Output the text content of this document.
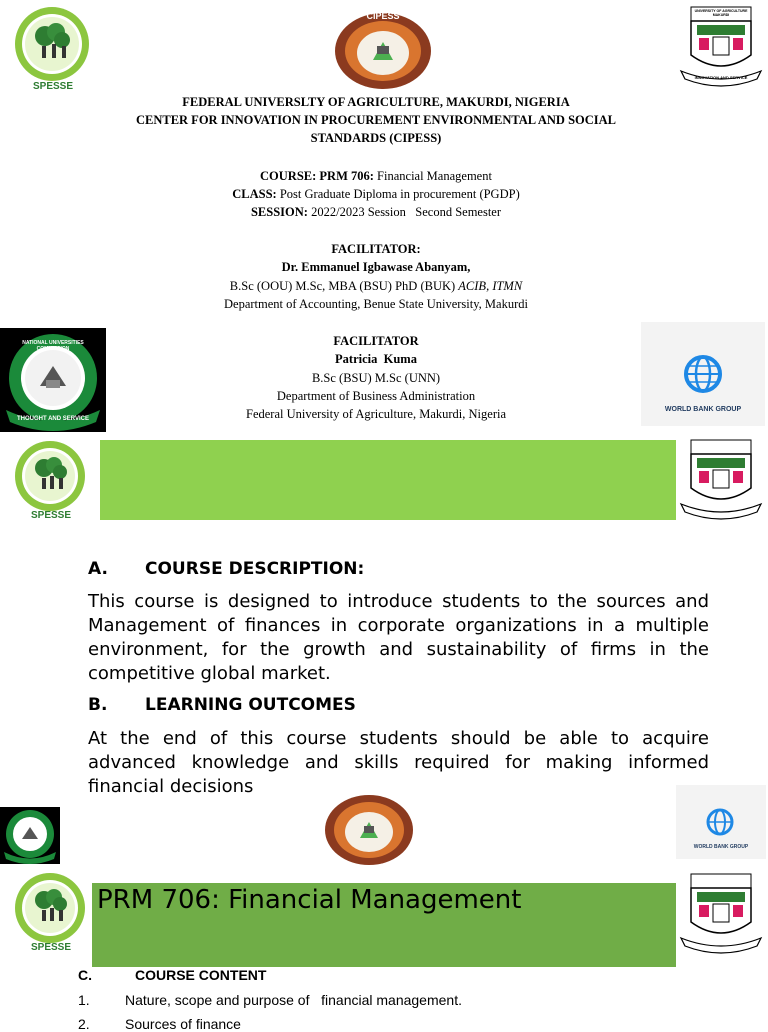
SPESSE
CIPESS	UNIVERSITY OF AGRICULTURE MAKURDI
INNOVATION AND SERVICE
FEDERAL UNIVERSLTY OF AGRICULTURE, MAKURDI, NIGERIA
CENTER FOR INNOVATION IN PROCUREMENT ENVIRONMENTAL AND SOCIAL
STANDARDS (CIPESS)
COURSE: PRM 706: Financial Management
CLASS: Post Graduate Diploma in procurement (PGDP)
SESSION: 2022/2023 Session   Second Semester
FACILITATOR:
Dr. Emmanuel Igbawase Abanyam,
B.Sc (OOU) M.Sc, MBA (BSU) PhD (BUK) ACIB, ITMN
Department of Accounting, Benue State University, Makurdi
FACILITATOR
Patricia  Kuma
B.Sc (BSU) M.Sc (UNN)
Department of Business Administration
Federal University of Agriculture, Makurdi, Nigeria
NATIONAL UNIVERSITIES COMMISSION
THOUGHT AND SERVICE
WORLD BANK GROUP
SPESSE
A. COURSE DESCRIPTION:
This course is designed to introduce students to the sources and Management of finances in corporate organizations in a multiple environment, for the growth and sustainability of firms in the competitive global market.
B. LEARNING OUTCOMES
At the end of this course students should be able to acquire advanced knowledge and skills required for making informed financial decisions
WORLD BANK GROUP
SPESSE
PRM 706: Financial Management
C.	COURSE CONTENT
1.	Nature, scope and purpose of   financial management.
2.	Sources of finance
